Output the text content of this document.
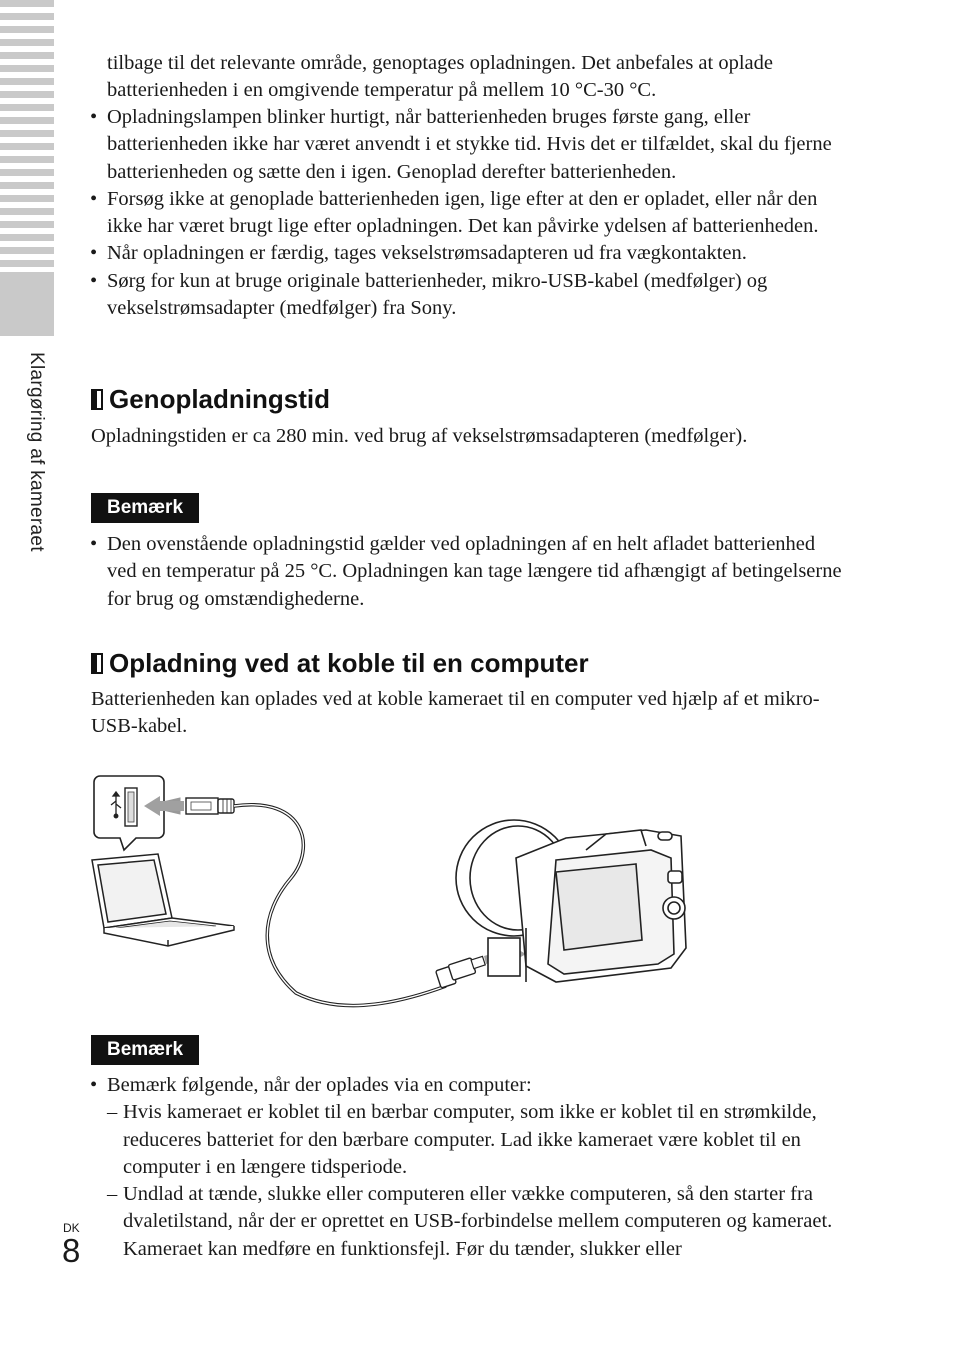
Klargøring af kameraet
tilbage til det relevante område, genoptages opladningen. Det anbefales at oplade batterienheden i en omgivende temperatur på mellem 10 °C-30 °C.
• Opladningslampen blinker hurtigt, når batterienheden bruges første gang, eller batterienheden ikke har været anvendt i et stykke tid. Hvis det er tilfældet, skal du fjerne batterienheden og sætte den i igen. Genoplad derefter batterienheden.
• Forsøg ikke at genoplade batterienheden igen, lige efter at den er opladet, eller når den ikke har været brugt lige efter opladningen. Det kan påvirke ydelsen af batterienheden.
• Når opladningen er færdig, tages vekselstrømsadapteren ud fra vægkontakten.
• Sørg for kun at bruge originale batterienheder, mikro-USB-kabel (medfølger) og vekselstrømsadapter (medfølger) fra Sony.
Genopladningstid
Opladningstiden er ca 280 min. ved brug af vekselstrømsadapteren (medfølger).
Bemærk
• Den ovenstående opladningstid gælder ved opladningen af en helt afladet batterienhed ved en temperatur på 25 °C. Opladningen kan tage længere tid afhængigt af betingelserne for brug og omstændighederne.
Opladning ved at koble til en computer
Batterienheden kan oplades ved at koble kameraet til en computer ved hjælp af et mikro-USB-kabel.
Bemærk
• Bemærk følgende, når der oplades via en computer:
– Hvis kameraet er koblet til en bærbar computer, som ikke er koblet til en strømkilde, reduceres batteriet for den bærbare computer. Lad ikke kameraet være koblet til en computer i en længere tidsperiode.
– Undlad at tænde, slukke eller computeren eller vække computeren, så den starter fra dvaletilstand, når der er oprettet en USB-forbindelse mellem computeren og kameraet. Kameraet kan medføre en funktionsfejl. Før du tænder, slukker eller
DK
8
